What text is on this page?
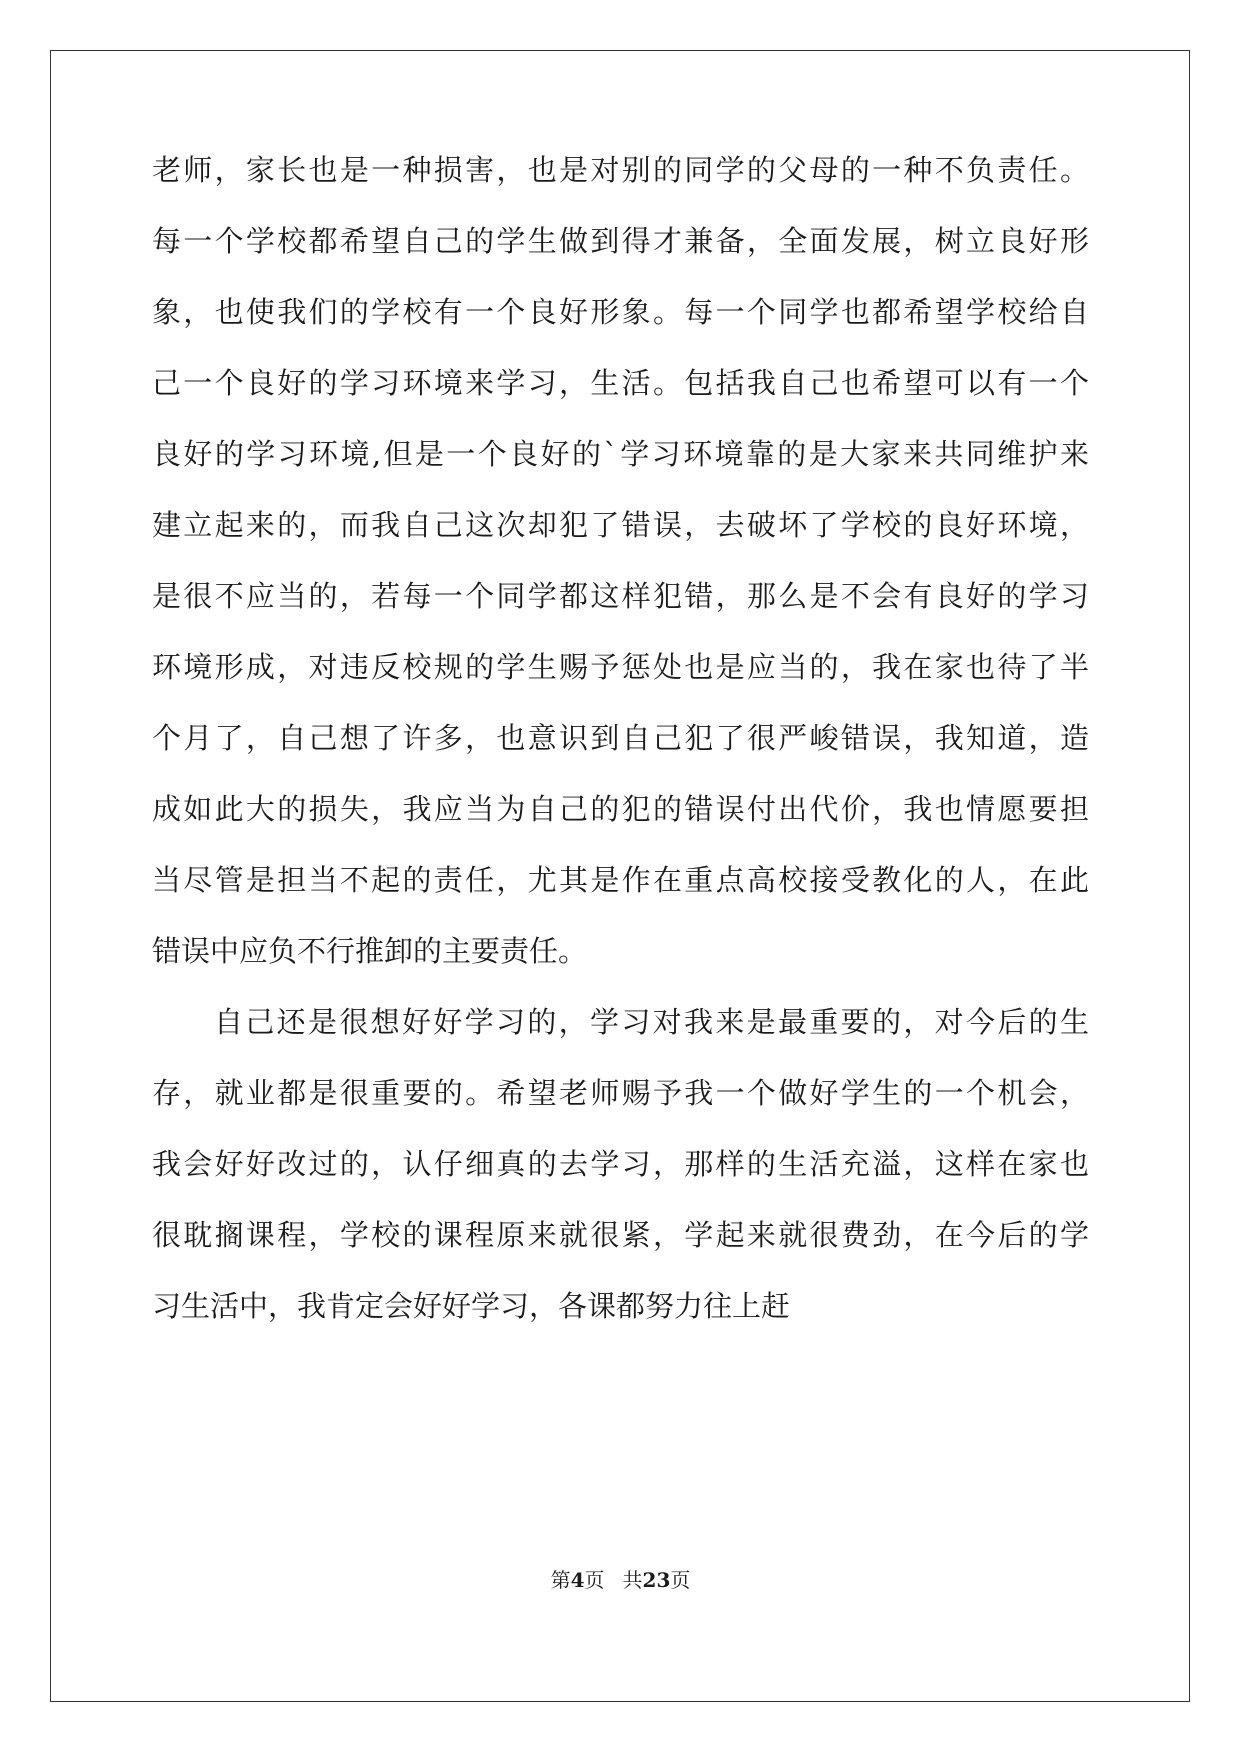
老师，家长也是一种损害，也是对别的同学的父母的一种不负责任。
每一个学校都希望自己的学生做到得才兼备，全面发展，树立良好形
象，也使我们的学校有一个良好形象。每一个同学也都希望学校给自
己一个良好的学习环境来学习，生活。包括我自己也希望可以有一个
良好的学习环境,但是一个良好的`学习环境靠的是大家来共同维护来
建立起来的，而我自己这次却犯了错误，去破坏了学校的良好环境，
是很不应当的，若每一个同学都这样犯错，那么是不会有良好的学习
环境形成，对违反校规的学生赐予惩处也是应当的，我在家也待了半
个月了，自己想了许多，也意识到自己犯了很严峻错误，我知道，造
成如此大的损失，我应当为自己的犯的错误付出代价，我也情愿要担
当尽管是担当不起的责任，尤其是作在重点高校接受教化的人，在此
错误中应负不行推卸的主要责任。
自己还是很想好好学习的，学习对我来是最重要的，对今后的生
存，就业都是很重要的。希望老师赐予我一个做好学生的一个机会，
我会好好改过的，认仔细真的去学习，那样的生活充溢，这样在家也
很耽搁课程，学校的课程原来就很紧，学起来就很费劲，在今后的学
习生活中，我肯定会好好学习，各课都努力往上赶
第4页 共23页
